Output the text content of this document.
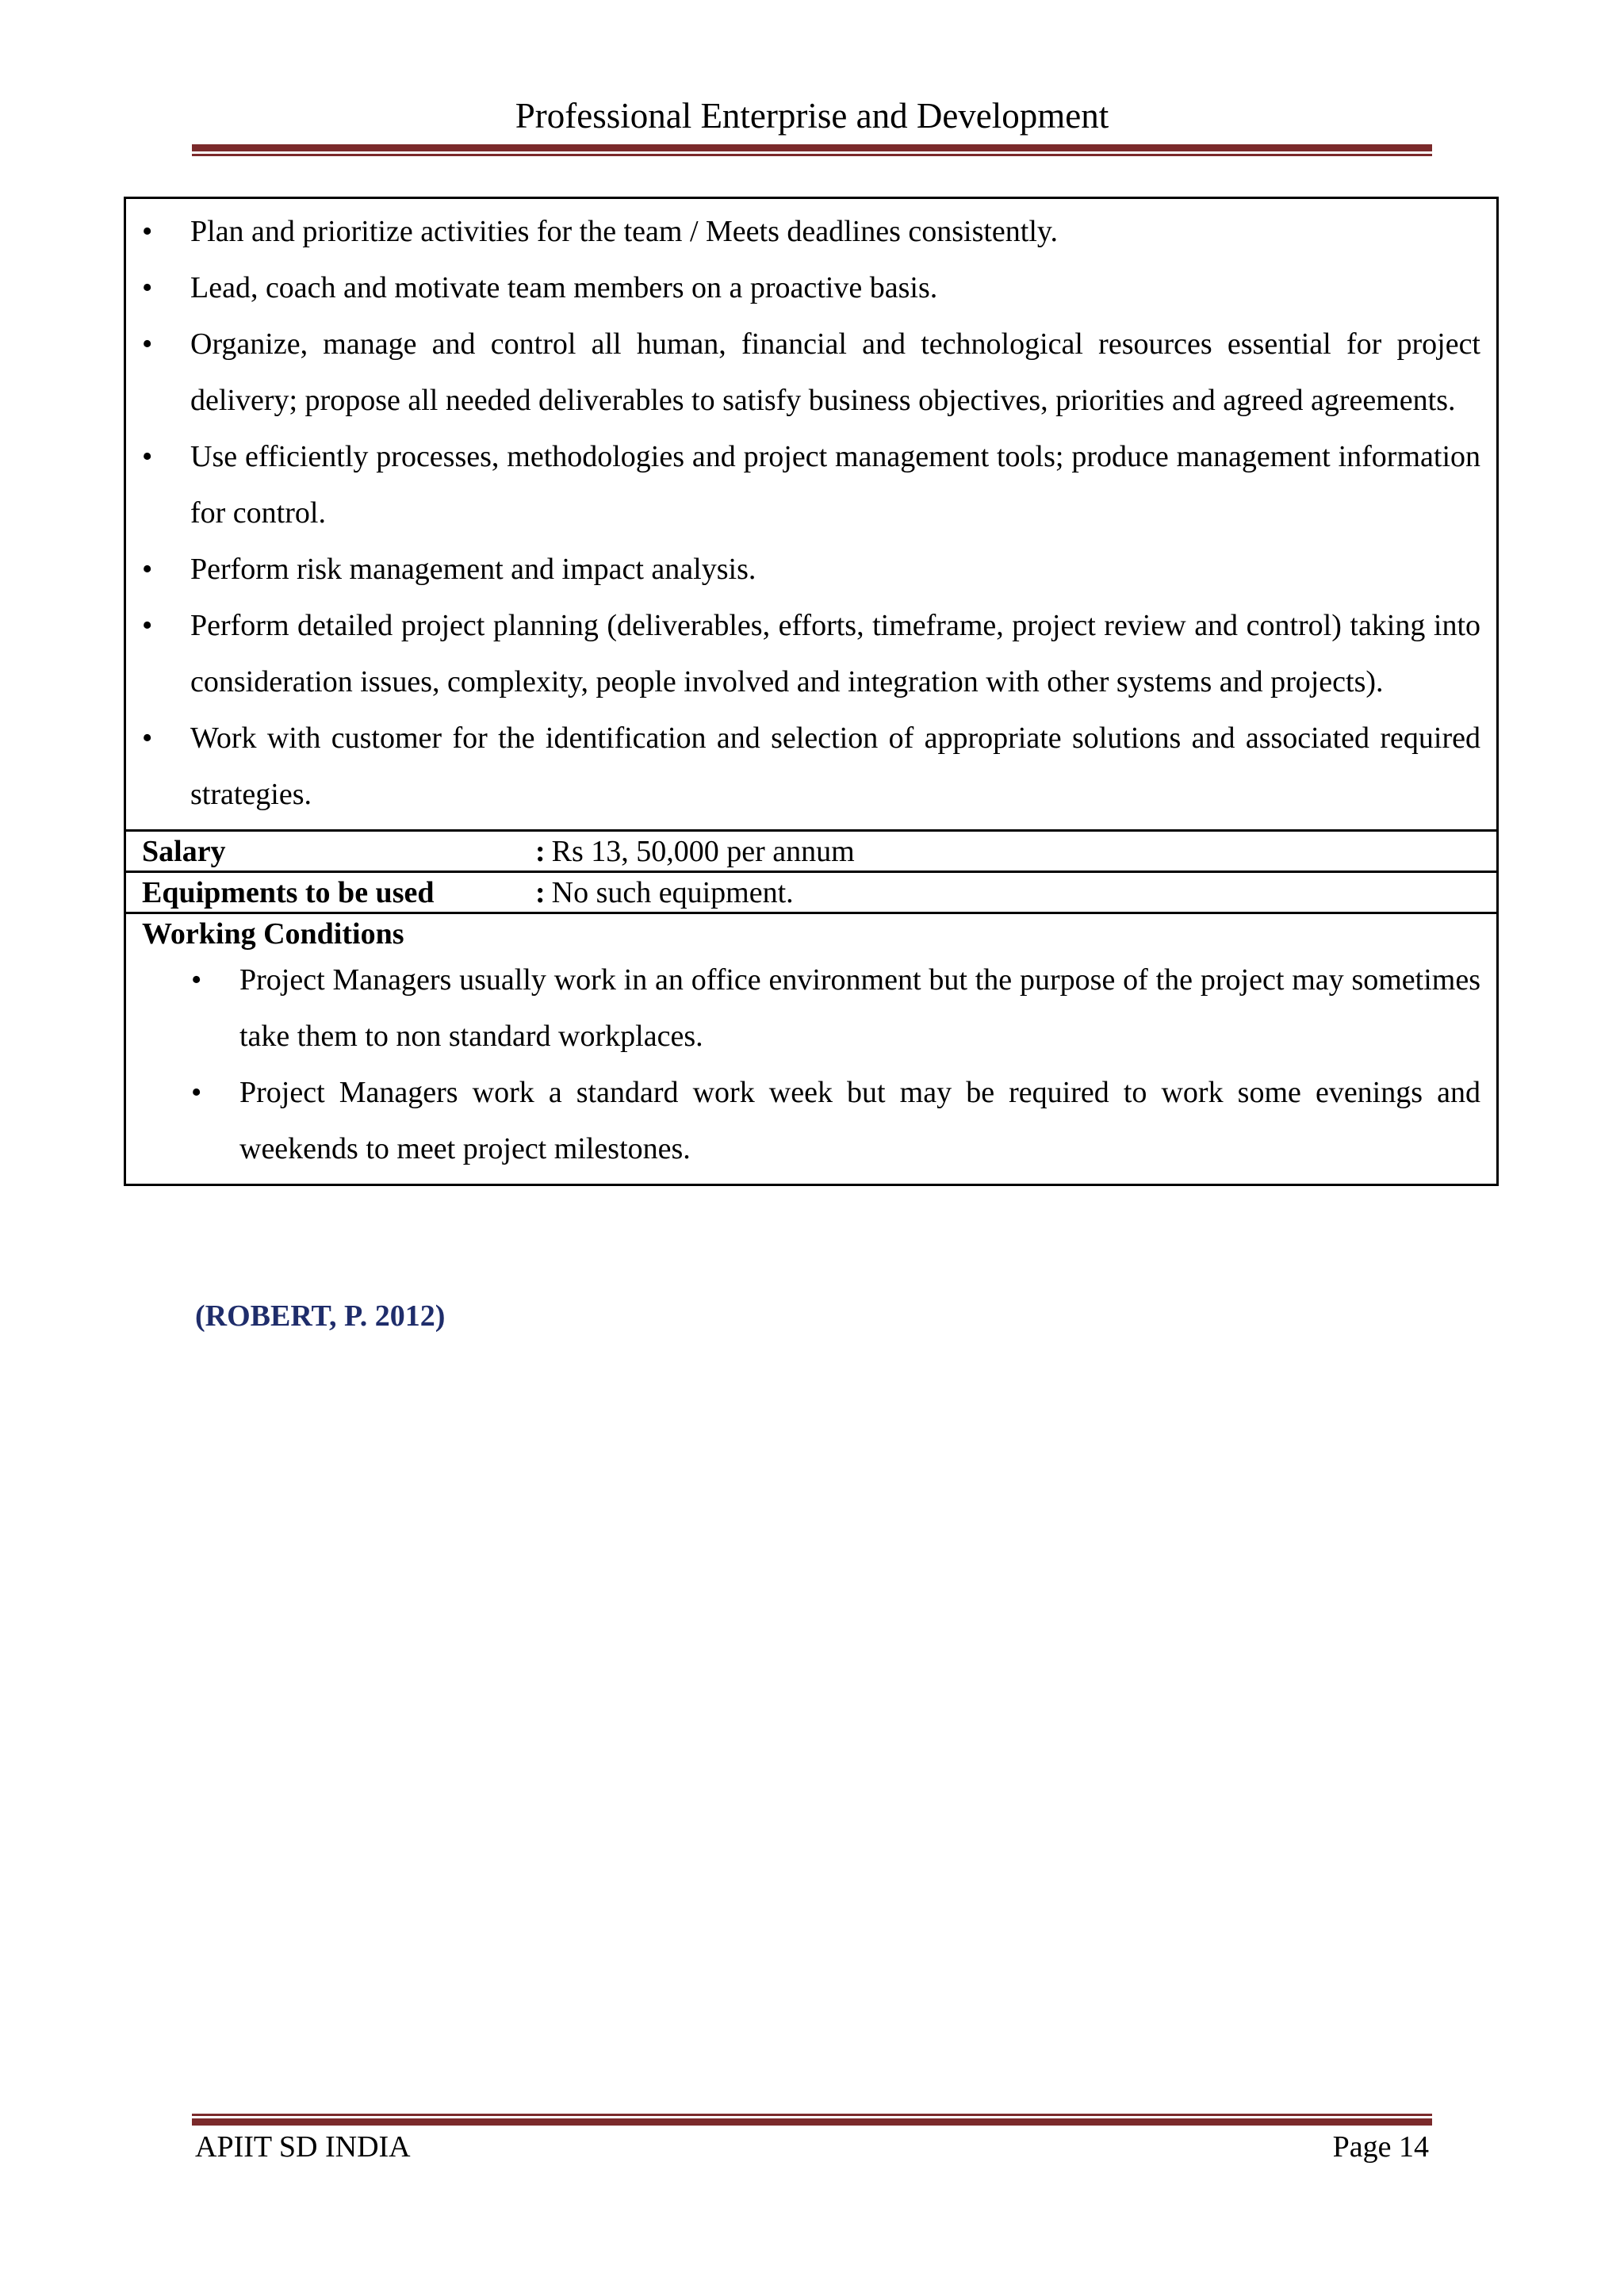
Professional Enterprise and Development
•
Plan and prioritize activities for the team / Meets deadlines consistently.
•
Lead, coach and motivate team members on a proactive basis.
•
Organize, manage and control all human, financial and technological resources essential for project delivery; propose all needed deliverables to satisfy business objectives, priorities and agreed agreements.
•
Use efficiently processes, methodologies and project management tools; produce management information for control.
•
Perform risk management and impact analysis.
•
Perform detailed project planning (deliverables, efforts, timeframe, project review and control) taking into consideration issues, complexity, people involved and integration with other systems and projects).
•
Work with customer for the identification and selection of appropriate solutions and associated required strategies.
Salary	: Rs 13, 50,000 per annum
Equipments to be used	: No such equipment.
Working Conditions
•
Project Managers usually work in an office environment but the purpose of the project may sometimes take them to non standard workplaces.
•
Project Managers work a standard work week but may be required to work some evenings and weekends to meet project milestones.
(ROBERT, P. 2012)
APIIT SD INDIA	Page 14
